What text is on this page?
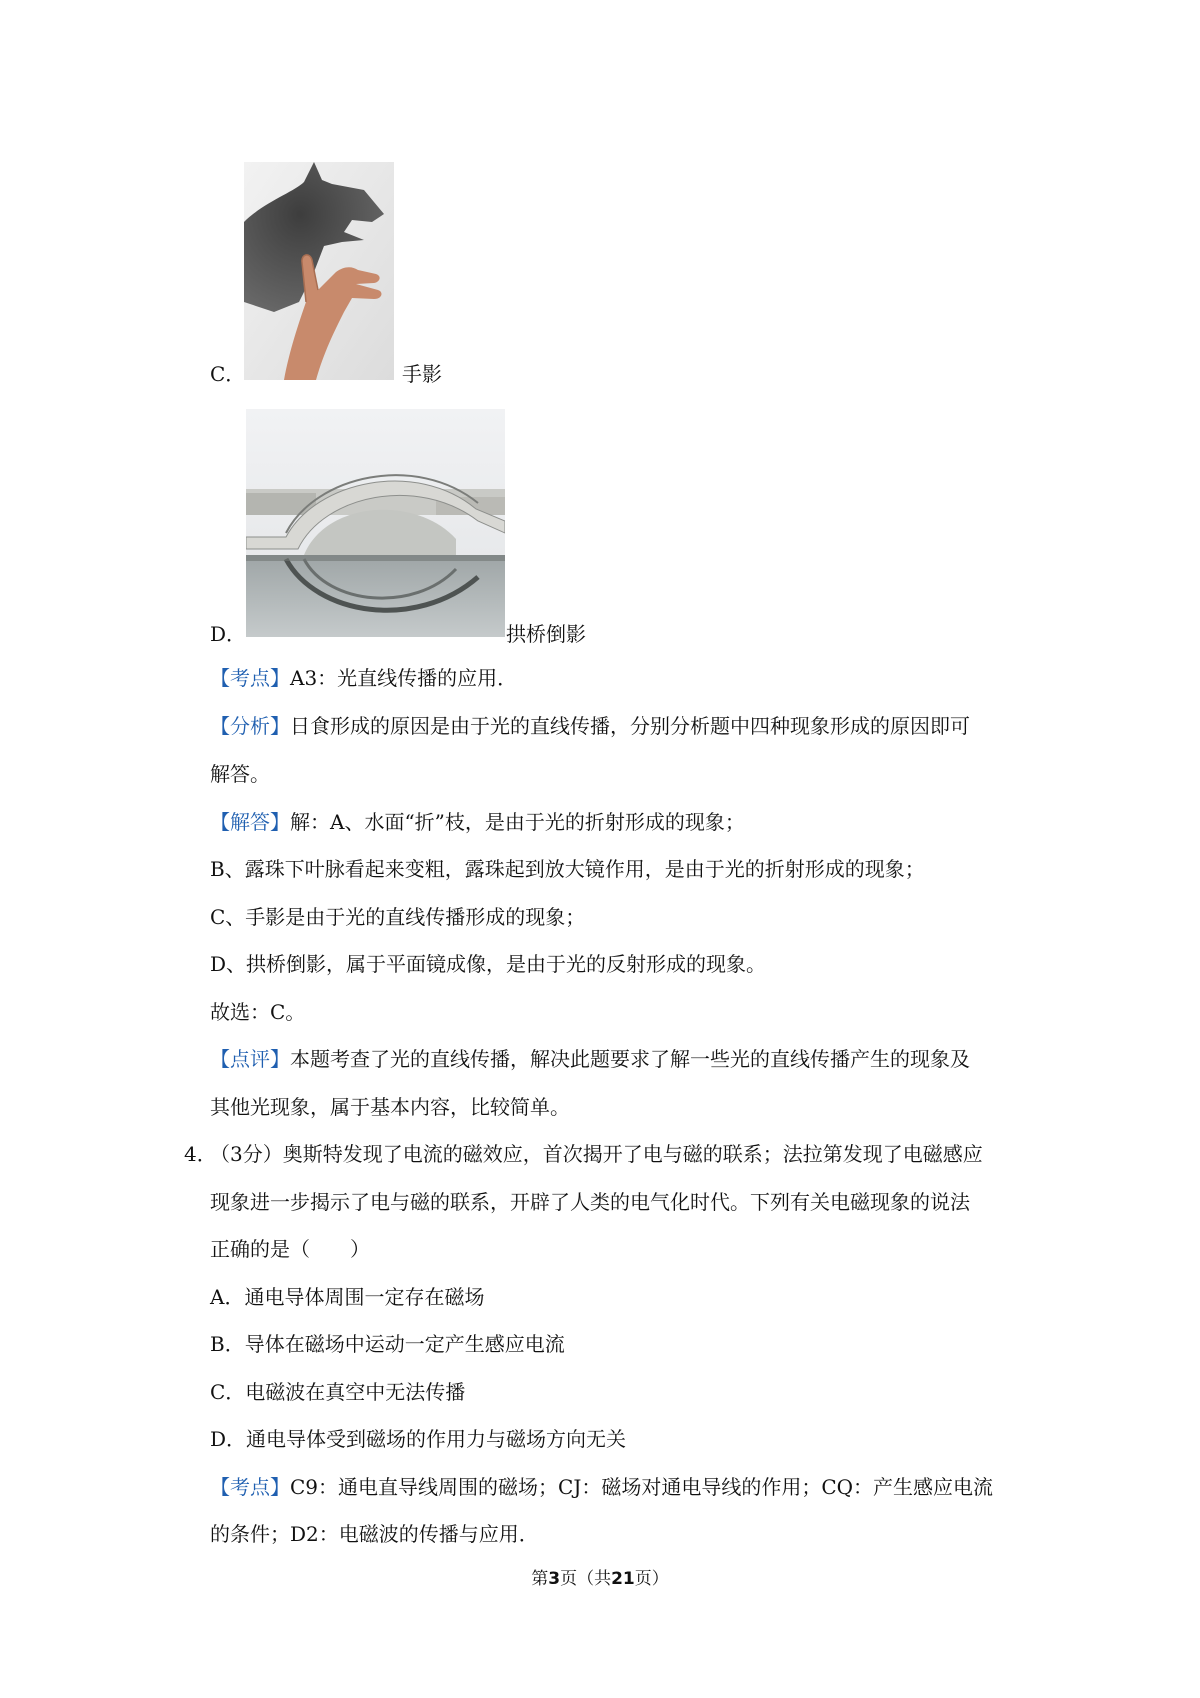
C．	手影
D．	拱桥倒影
【考点】A3：光直线传播的应用．
【分析】日食形成的原因是由于光的直线传播，分别分析题中四种现象形成的原因即可
解答。
【解答】解：A、水面“折”枝，是由于光的折射形成的现象；
B、露珠下叶脉看起来变粗，露珠起到放大镜作用，是由于光的折射形成的现象；
C、手影是由于光的直线传播形成的现象；
D、拱桥倒影，属于平面镜成像，是由于光的反射形成的现象。
故选：C。
【点评】本题考查了光的直线传播，解决此题要求了解一些光的直线传播产生的现象及
其他光现象，属于基本内容，比较简单。
4．
（3分）奥斯特发现了电流的磁效应，首次揭开了电与磁的联系；法拉第发现了电磁感应
现象进一步揭示了电与磁的联系，开辟了人类的电气化时代。下列有关电磁现象的说法
正确的是（　　）
A．通电导体周围一定存在磁场
B．导体在磁场中运动一定产生感应电流
C．电磁波在真空中无法传播
D．通电导体受到磁场的作用力与磁场方向无关
【考点】C9：通电直导线周围的磁场；CJ：磁场对通电导线的作用；CQ：产生感应电流
的条件；D2：电磁波的传播与应用．
第3页（共21页）
